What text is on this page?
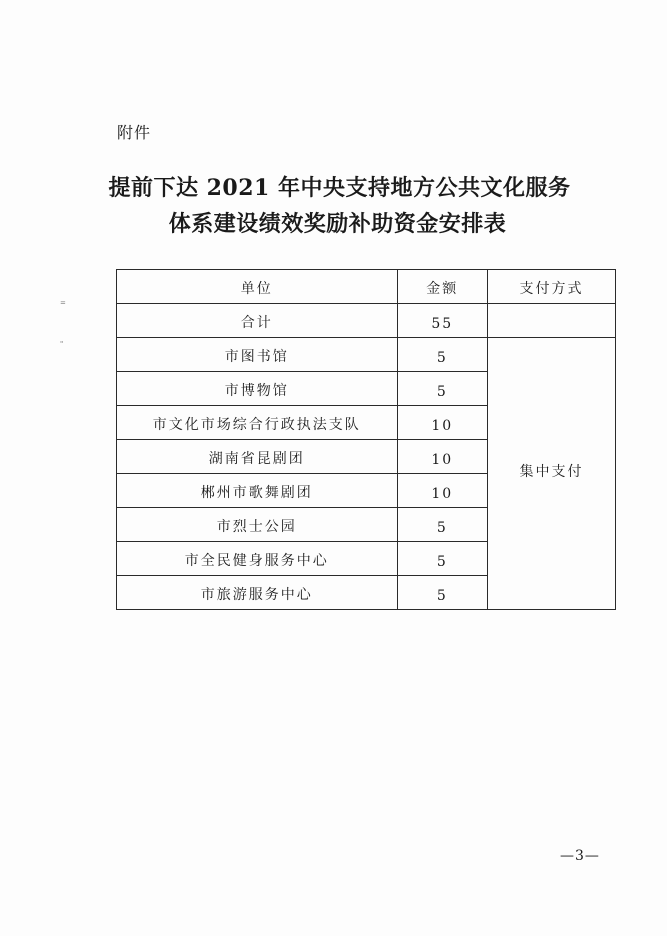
附件
=
"
提前下达 2021 年中央支持地方公共文化服务
体系建设绩效奖励补助资金安排表
单位	金额	支付方式
合计	55	
市图书馆	5	集中支付
市博物馆	5	
市文化市场综合行政执法支队	10	
湖南省昆剧团	10	
郴州市歌舞剧团	10	
市烈士公园	5	
市全民健身服务中心	5	
市旅游服务中心	5	
—3—
